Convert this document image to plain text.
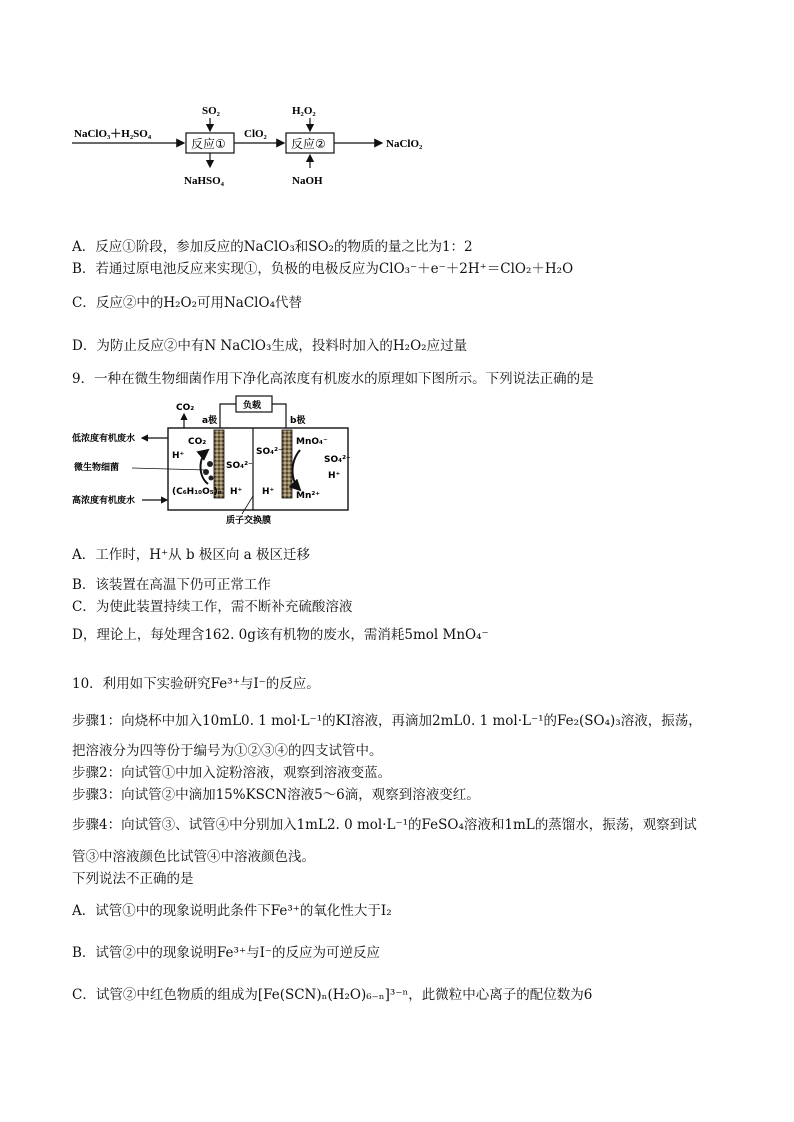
NaClO₃＋H₂SO₄
反应①
SO₂
NaHSO₄
ClO₂
反应②
H₂O₂
NaOH
NaClO₂
A．反应①阶段，参加反应的NaClO₃和SO₂的物质的量之比为1：2
B．若通过原电池反应来实现①，负极的电极反应为ClO₃⁻＋e⁻＋2H⁺＝ClO₂＋H₂O
C．反应②中的H₂O₂可用NaClO₄代替
D．为防止反应②中有N NaClO₃生成，投料时加入的H₂O₂应过量
9．一种在微生物细菌作用下净化高浓度有机废水的原理如下图所示。下列说法正确的是
CO₂
a极
负载
b极
质子交换膜
低浓度有机废水
高浓度有机废水
CO₂
H⁺
微生物细菌	SO₄²⁻
(C₆H₁₀O₅)ₙ H⁺
SO₄²⁻
H⁺
MnO₄⁻
SO₄²⁻
H⁺
Mn²⁺
A．工作时，H⁺从 b 极区向 a 极区迁移
B．该装置在高温下仍可正常工作
C．为使此装置持续工作，需不断补充硫酸溶液
D，理论上，每处理含162. 0g该有机物的废水，需消耗5mol MnO₄⁻
10．利用如下实验研究Fe³⁺与I⁻的反应。
步骤1：向烧杯中加入10mL0. 1 mol·L⁻¹的KI溶液，再滴加2mL0. 1 mol·L⁻¹的Fe₂(SO₄)₃溶液，振荡，
把溶液分为四等份于编号为①②③④的四支试管中。
步骤2：向试管①中加入淀粉溶液，观察到溶液变蓝。
步骤3：向试管②中滴加15%KSCN溶液5～6滴，观察到溶液变红。
步骤4：向试管③、试管④中分别加入1mL2. 0 mol·L⁻¹的FeSO₄溶液和1mL的蒸馏水，振荡，观察到试
管③中溶液颜色比试管④中溶液颜色浅。
下列说法不正确的是
A．试管①中的现象说明此条件下Fe³⁺的氧化性大于I₂
B．试管②中的现象说明Fe³⁺与I⁻的反应为可逆反应
C．试管②中红色物质的组成为[Fe(SCN)ₙ(H₂O)₆₋ₙ]³⁻ⁿ，此微粒中心离子的配位数为6
